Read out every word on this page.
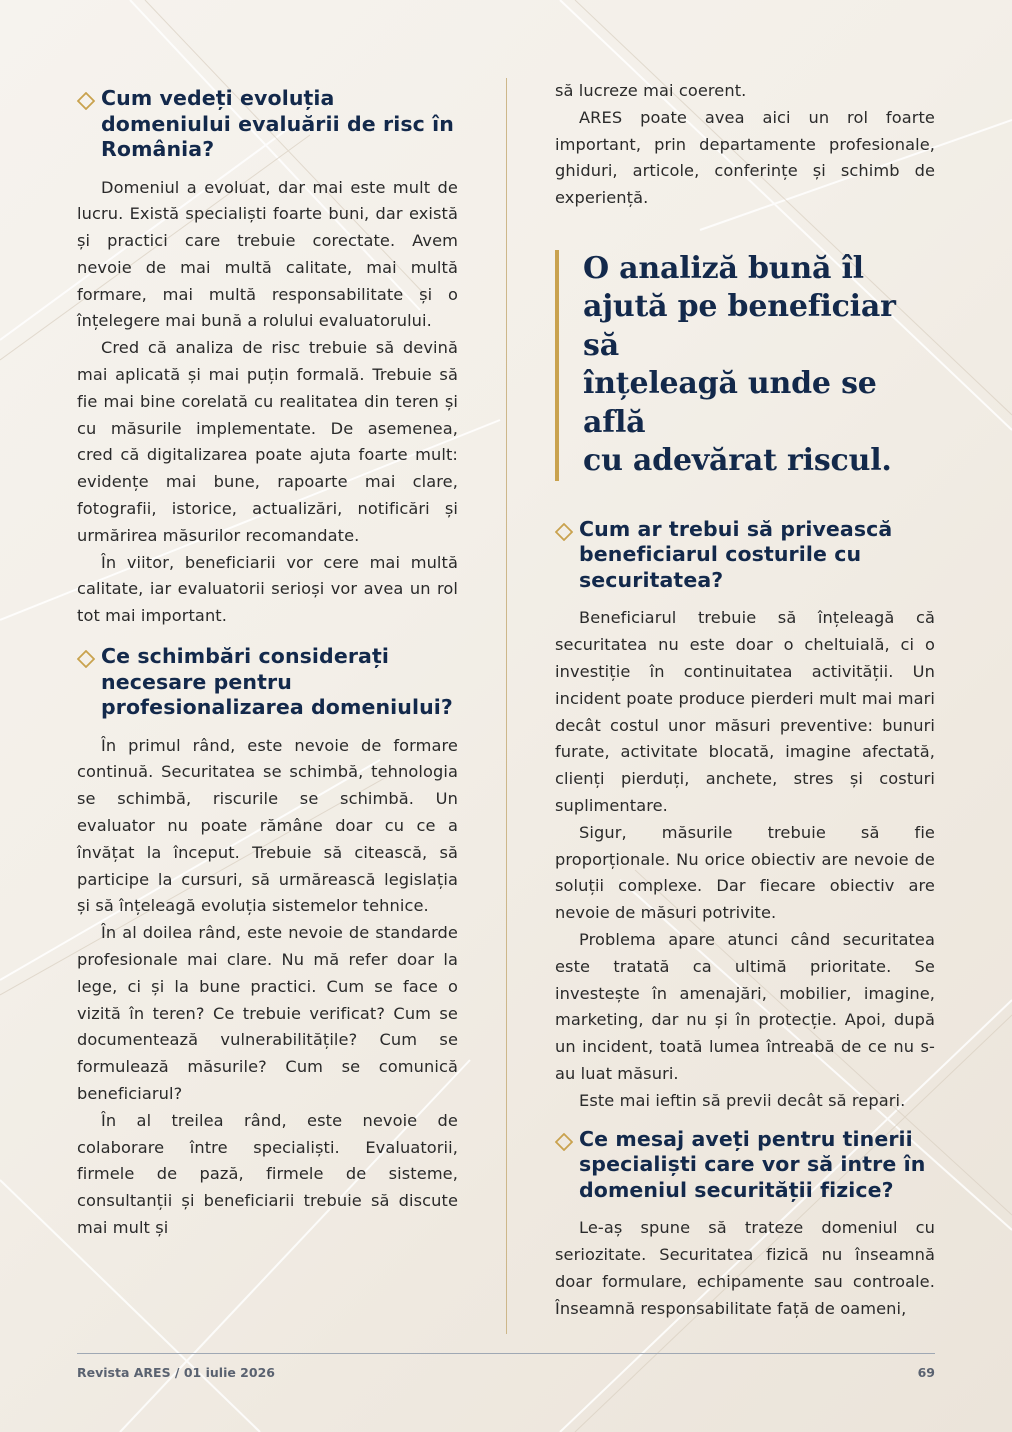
Cum vedeți evoluția domeniului evaluării de risc în România?

Domeniul a evoluat, dar mai este mult de lucru. Există specialiști foarte buni, dar există și practici care trebuie corectate. Avem nevoie de mai multă calitate, mai multă formare, mai multă responsabilitate și o înțelegere mai bună a rolului evaluatorului.

Cred că analiza de risc trebuie să devină mai aplicată și mai puțin formală. Trebuie să fie mai bine corelată cu realitatea din teren și cu măsurile implementate. De asemenea, cred că digitalizarea poate ajuta foarte mult: evidențe mai bune, rapoarte mai clare, fotografii, istorice, actualizări, notificări și urmărirea măsurilor recomandate.

În viitor, beneficiarii vor cere mai multă calitate, iar evaluatorii serioși vor avea un rol tot mai important.

Ce schimbări considerați necesare pentru profesionalizarea domeniului?

În primul rând, este nevoie de formare continuă. Securitatea se schimbă, tehnologia se schimbă, riscurile se schimbă. Un evaluator nu poate rămâne doar cu ce a învățat la început. Trebuie să citească, să participe la cursuri, să urmărească legislația și să înțeleagă evoluția sistemelor tehnice.

În al doilea rând, este nevoie de standarde profesionale mai clare. Nu mă refer doar la lege, ci și la bune practici. Cum se face o vizită în teren? Ce trebuie verificat? Cum se documentează vulnerabilitățile? Cum se formulează măsurile? Cum se comunică beneficiarul?

În al treilea rând, este nevoie de colaborare între specialiști. Evaluatorii, firmele de pază, firmele de sisteme, consultanții și beneficiarii trebuie să discute mai mult și

să lucreze mai coerent.

ARES poate avea aici un rol foarte important, prin departamente profesionale, ghiduri, articole, conferințe și schimb de experiență.

O analiză bună îl
ajută pe beneficiar să
înțeleagă unde se află
cu adevărat riscul.
Cum ar trebui să privească beneficiarul costurile cu securitatea?

Beneficiarul trebuie să înțeleagă că securitatea nu este doar o cheltuială, ci o investiție în continuitatea activității. Un incident poate produce pierderi mult mai mari decât costul unor măsuri preventive: bunuri furate, activitate blocată, imagine afectată, clienți pierduți, anchete, stres și costuri suplimentare.

Sigur, măsurile trebuie să fie proporționale. Nu orice obiectiv are nevoie de soluții complexe. Dar fiecare obiectiv are nevoie de măsuri potrivite.

Problema apare atunci când securitatea este tratată ca ultimă prioritate. Se investește în amenajări, mobilier, imagine, marketing, dar nu și în protecție. Apoi, după un incident, toată lumea întreabă de ce nu s-au luat măsuri.

Este mai ieftin să previi decât să repari.

Ce mesaj aveți pentru tinerii specialiști care vor să intre în domeniul securității fizice?

Le-aș spune să trateze domeniul cu seriozitate. Securitatea fizică nu înseamnă doar formulare, echipamente sau controale. Înseamnă responsabilitate față de oameni,

Revista ARES / 01 iulie 2026	69
